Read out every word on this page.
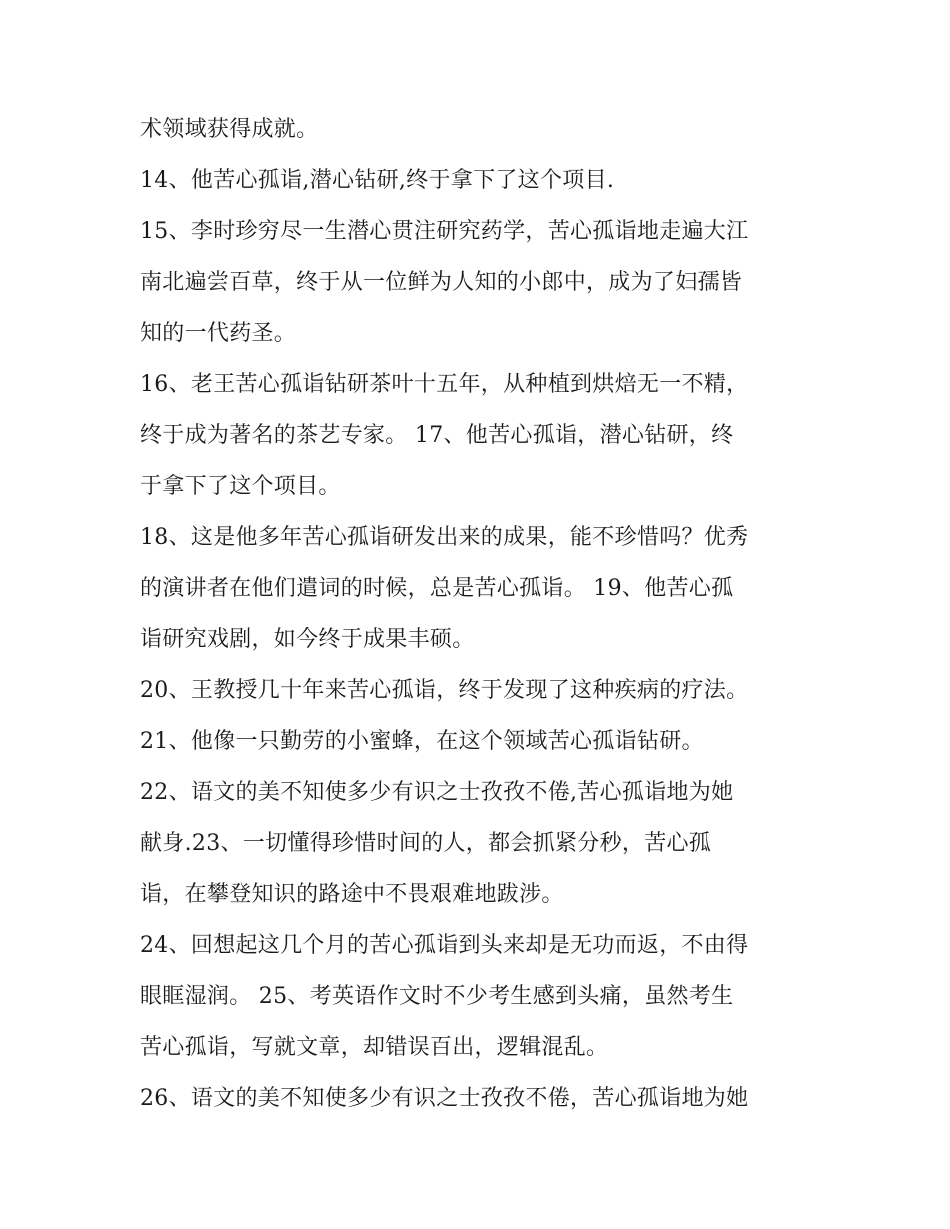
术领域获得成就。
14、他苦心孤诣,潜心钻研,终于拿下了这个项目.
15、李时珍穷尽一生潜心贯注研究药学，苦心孤诣地走遍大江
南北遍尝百草，终于从一位鲜为人知的小郎中，成为了妇孺皆
知的一代药圣。
16、老王苦心孤诣钻研茶叶十五年，从种植到烘焙无一不精，
终于成为著名的茶艺专家。 17、他苦心孤诣，潜心钻研，终
于拿下了这个项目。
18、这是他多年苦心孤诣研发出来的成果，能不珍惜吗？优秀
的演讲者在他们遣词的时候，总是苦心孤诣。 19、他苦心孤
诣研究戏剧，如今终于成果丰硕。
20、王教授几十年来苦心孤诣，终于发现了这种疾病的疗法。
21、他像一只勤劳的小蜜蜂，在这个领域苦心孤诣钻研。
22、语文的美不知使多少有识之士孜孜不倦,苦心孤诣地为她
献身.23、一切懂得珍惜时间的人，都会抓紧分秒，苦心孤
诣，在攀登知识的路途中不畏艰难地跋涉。
24、回想起这几个月的苦心孤诣到头来却是无功而返，不由得
眼眶湿润。 25、考英语作文时不少考生感到头痛，虽然考生
苦心孤诣，写就文章，却错误百出，逻辑混乱。
26、语文的美不知使多少有识之士孜孜不倦，苦心孤诣地为她
